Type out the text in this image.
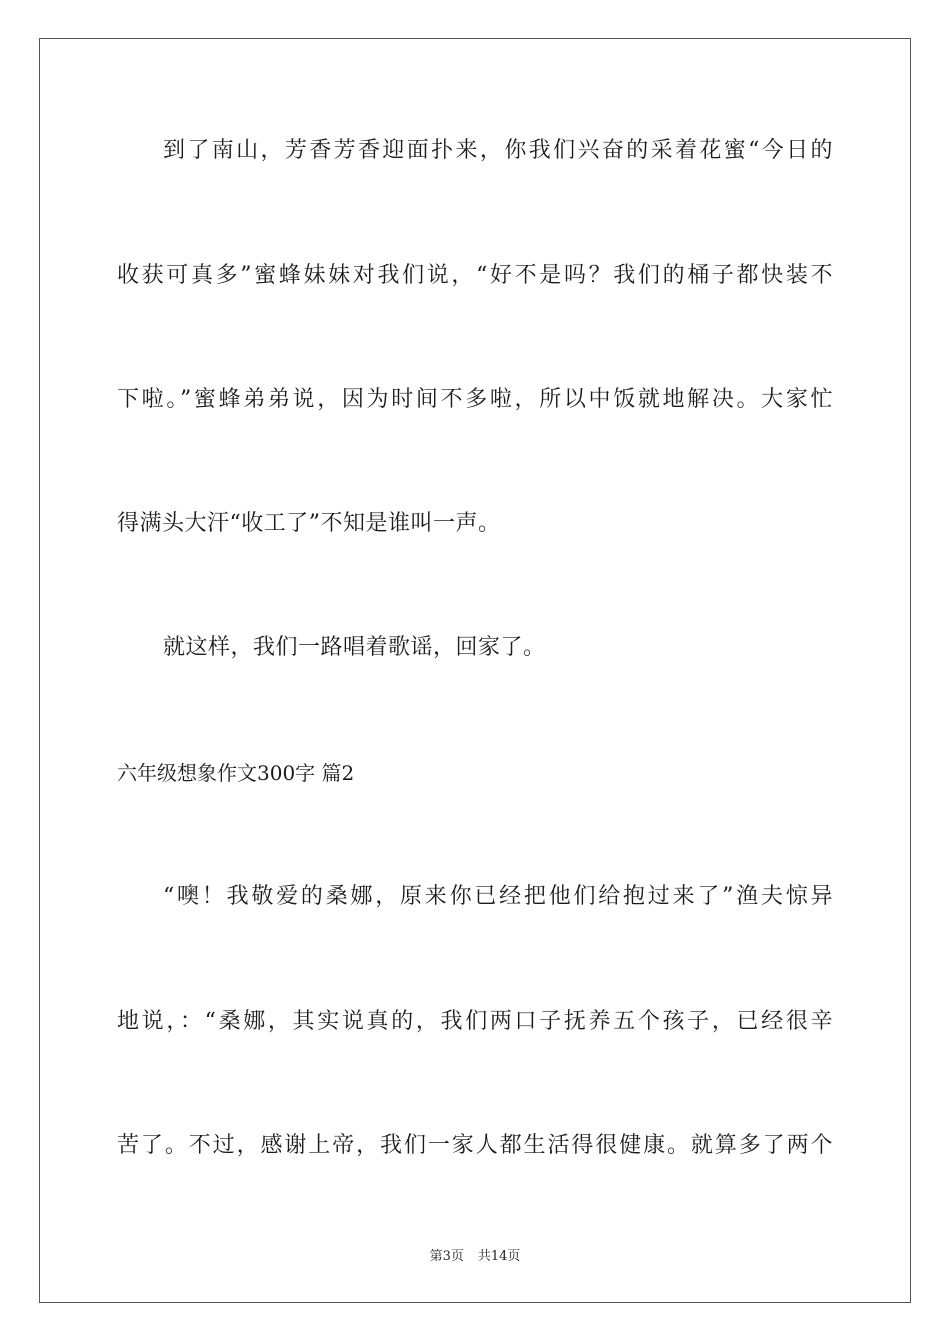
到了南山，芳香芳香迎面扑来，你我们兴奋的采着花蜜“今日的
收获可真多”蜜蜂妹妹对我们说，“好不是吗？我们的桶子都快装不
下啦。”蜜蜂弟弟说，因为时间不多啦，所以中饭就地解决。大家忙
得满头大汗“收工了”不知是谁叫一声。
就这样，我们一路唱着歌谣，回家了。
六年级想象作文300字 篇2
“噢！我敬爱的桑娜，原来你已经把他们给抱过来了”渔夫惊异
地说，：“桑娜，其实说真的，我们两口子抚养五个孩子，已经很辛
苦了。不过，感谢上帝，我们一家人都生活得很健康。就算多了两个
第3页 共14页
